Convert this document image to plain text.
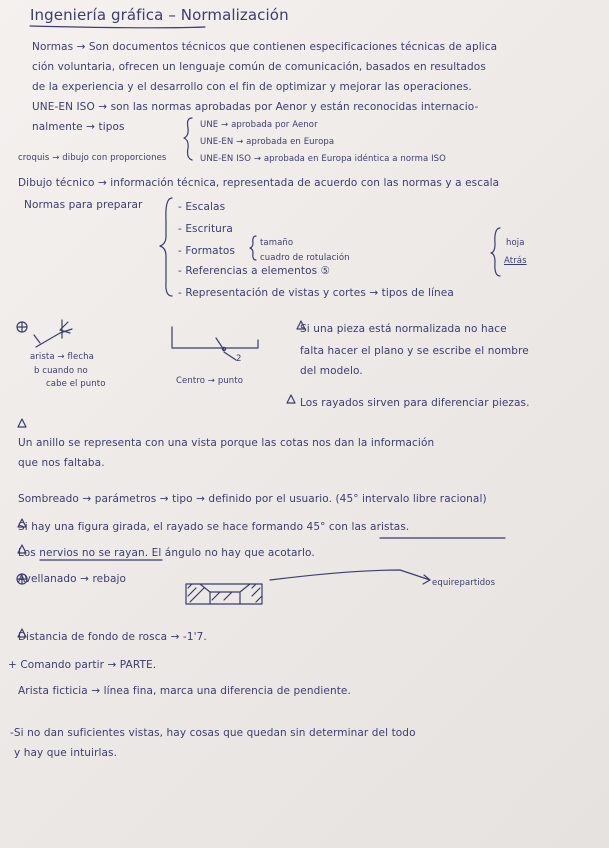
Ingeniería gráfica – Normalización
Normas → Son documentos técnicos que contienen especificaciones técnicas de aplica
ción voluntaria, ofrecen un lenguaje común de comunicación, basados en resultados
de la experiencia y el desarrollo con el fin de optimizar y mejorar las operaciones.
UNE-EN ISO → son las normas aprobadas por Aenor y están reconocidas internacio-
nalmente → tipos	UNE → aprobada por Aenor
UNE-EN → aprobada en Europa
UNE-EN ISO → aprobada en Europa idéntica a norma ISO
croquis → dibujo con proporciones
Dibujo técnico → información técnica, representada de acuerdo con las normas y a escala
Normas para preparar	- Escalas
- Escritura
- Formatos
tamaño
cuadro de rotulación
- Referencias a elementos ⑤
- Representación de vistas y cortes → tipos de línea
hoja
Atrás
arista → flecha
b cuando no
cabe el punto	Centro → punto
2
Si una pieza está normalizada no hace
falta hacer el plano y se escribe el nombre
del modelo.
Los rayados sirven para diferenciar piezas.
Un anillo se representa con una vista porque las cotas nos dan la información
que nos faltaba.
Sombreado → parámetros → tipo → definido por el usuario. (45° intervalo libre racional)
Si hay una figura girada, el rayado se hace formando 45° con las aristas.
Los nervios no se rayan. El ángulo no hay que acotarlo.
Avellanado → rebajo	equirepartidos
Distancia de fondo de rosca → -1'7.
+ Comando partir → PARTE.
Arista ficticia → línea fina, marca una diferencia de pendiente.
-Si no dan suficientes vistas, hay cosas que quedan sin determinar del todo
y hay que intuirlas.
